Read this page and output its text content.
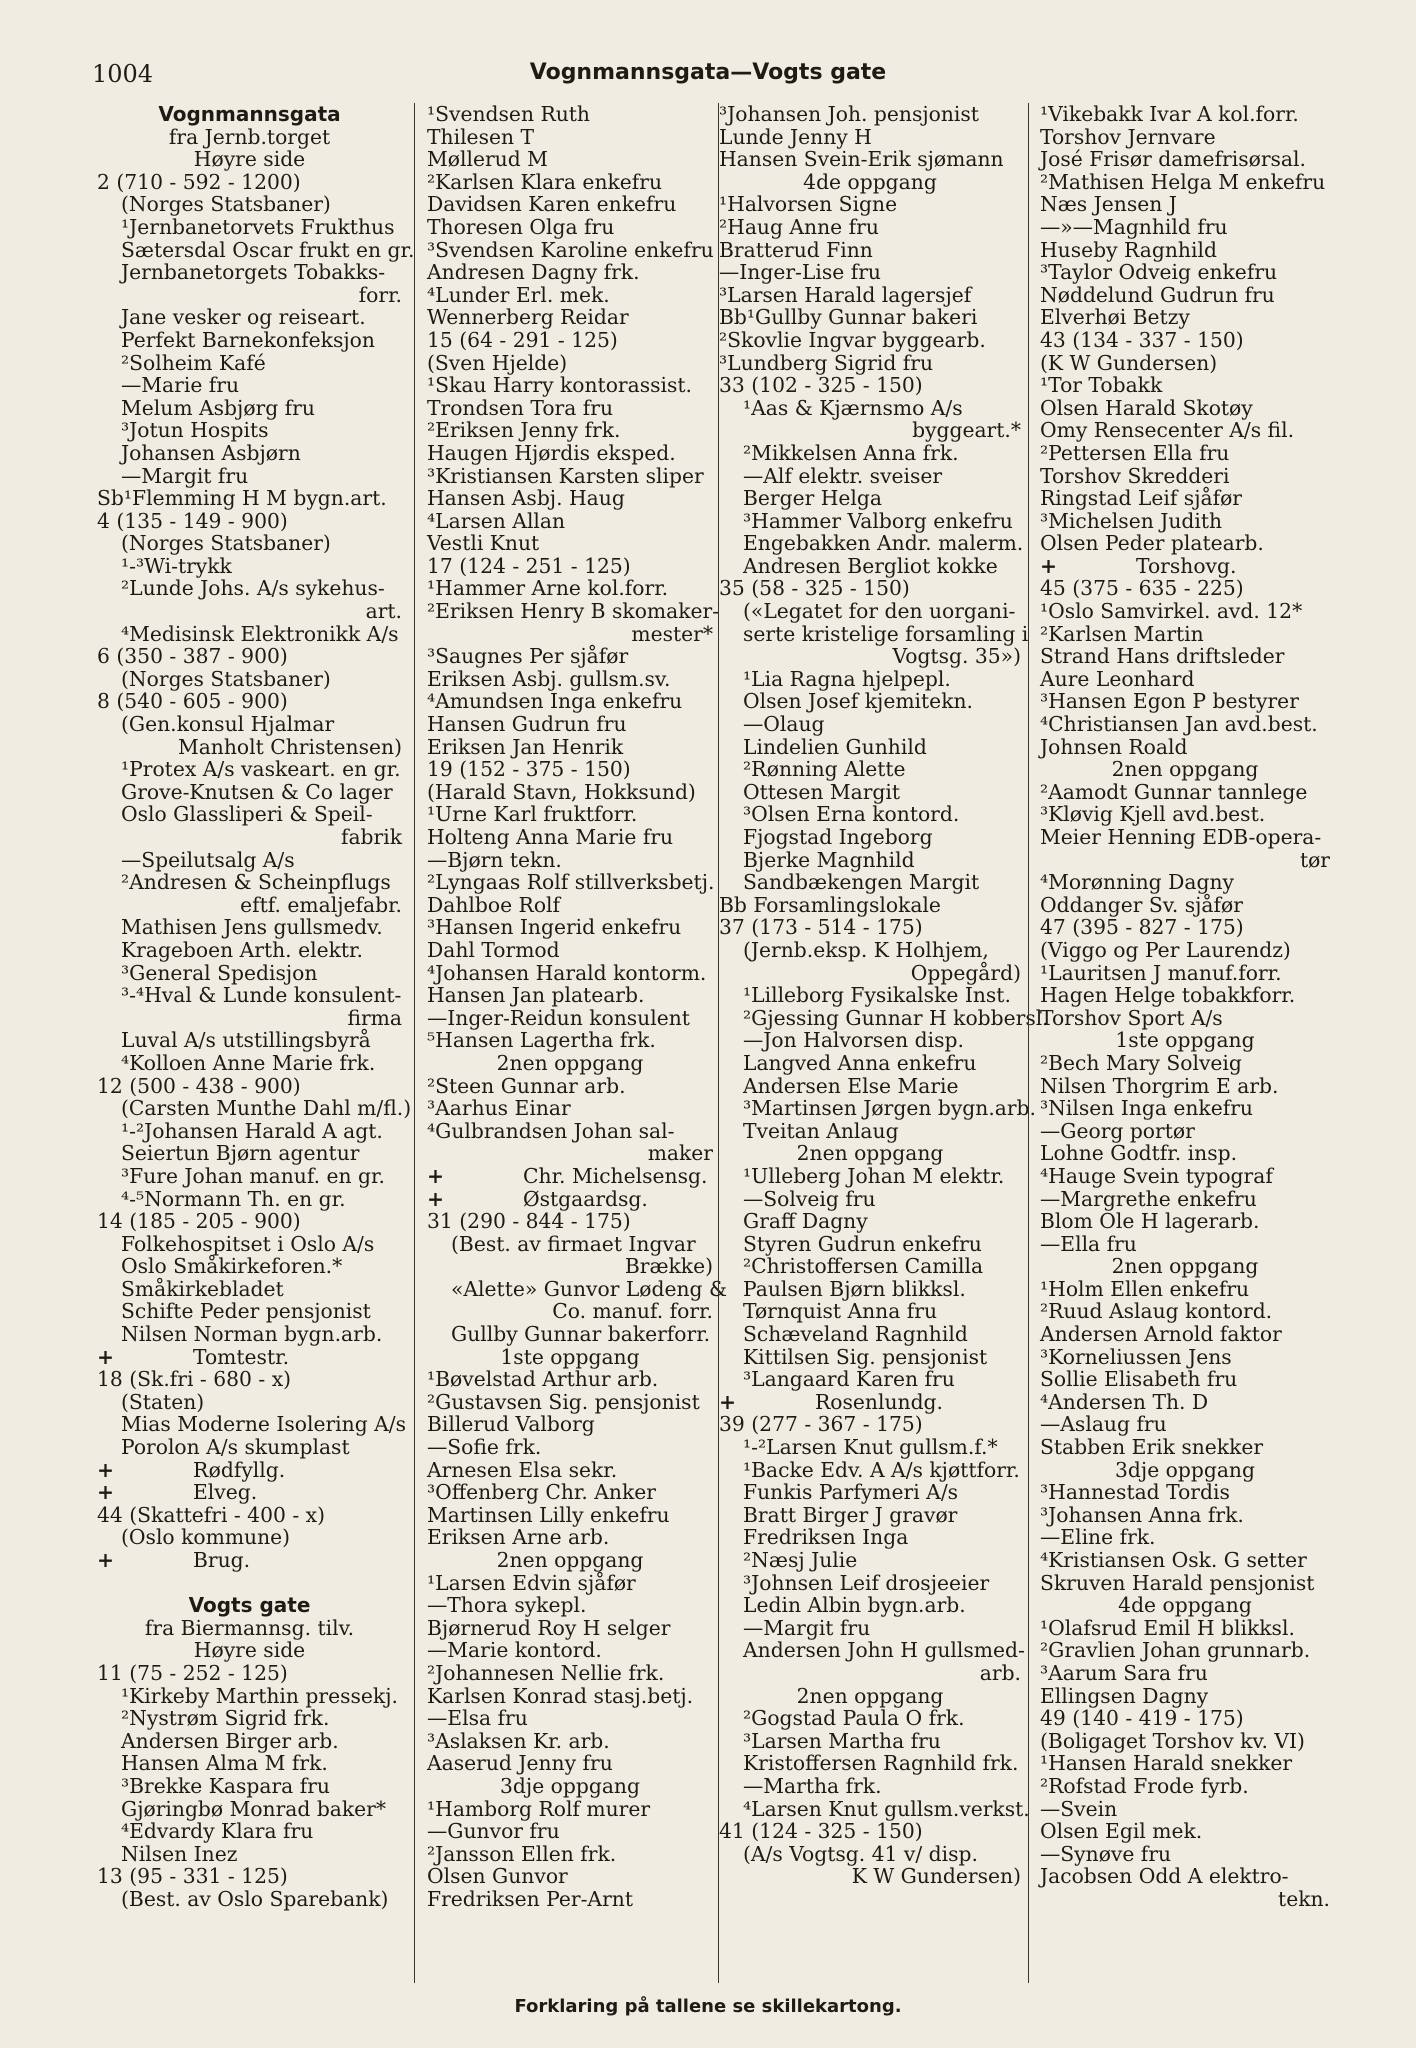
1004	Vognmannsgata—Vogts gate
Vognmannsgata
fra Jernb.torget
Høyre side
2 (710 - 592 - 1200)
(Norges Statsbaner)
¹Jernbanetorvets Frukthus
Sætersdal Oscar frukt en gr.
Jernbanetorgets Tobakks-
forr.
Jane vesker og reiseart.
Perfekt Barnekonfeksjon
²Solheim Kafé
—Marie fru
Melum Asbjørg fru
³Jotun Hospits
Johansen Asbjørn
—Margit fru
Sb¹Flemming H M bygn.art.
4 (135 - 149 - 900)
(Norges Statsbaner)
¹-³Wi-trykk
²Lunde Johs. A/s sykehus-
art.
⁴Medisinsk Elektronikk A/s
6 (350 - 387 - 900)
(Norges Statsbaner)
8 (540 - 605 - 900)
(Gen.konsul Hjalmar
Manholt Christensen)
¹Protex A/s vaskeart. en gr.
Grove-Knutsen & Co lager
Oslo Glassliperi & Speil-
fabrik
—Speilutsalg A/s
²Andresen & Scheinpflugs
eftf. emaljefabr.
Mathisen Jens gullsmedv.
Krageboen Arth. elektr.
³General Spedisjon
³-⁴Hval & Lunde konsulent-
firma
Luval A/s utstillingsbyrå
⁴Kolloen Anne Marie frk.
12 (500 - 438 - 900)
(Carsten Munthe Dahl m/fl.)
¹-²Johansen Harald A agt.
Seiertun Bjørn agentur
³Fure Johan manuf. en gr.
⁴-⁵Normann Th. en gr.
14 (185 - 205 - 900)
Folkehospitset i Oslo A/s
Oslo Småkirkeforen.*
Småkirkebladet
Schifte Peder pensjonist
Nilsen Norman bygn.arb.
+	Tomtestr.
18 (Sk.fri - 680 - x)
(Staten)
Mias Moderne Isolering A/s
Porolon A/s skumplast
+	Rødfyllg.
+	Elveg.
44 (Skattefri - 400 - x)
(Oslo kommune)
+	Brug.
Vogts gate
fra Biermannsg. tilv.
Høyre side
11 (75 - 252 - 125)
¹Kirkeby Marthin pressekj.
²Nystrøm Sigrid frk.
Andersen Birger arb.
Hansen Alma M frk.
³Brekke Kaspara fru
Gjøringbø Monrad baker*
⁴Edvardy Klara fru
Nilsen Inez
13 (95 - 331 - 125)
(Best. av Oslo Sparebank)
¹Svendsen Ruth
Thilesen T
Møllerud M
²Karlsen Klara enkefru
Davidsen Karen enkefru
Thoresen Olga fru
³Svendsen Karoline enkefru
Andresen Dagny frk.
⁴Lunder Erl. mek.
Wennerberg Reidar
15 (64 - 291 - 125)
(Sven Hjelde)
¹Skau Harry kontorassist.
Trondsen Tora fru
²Eriksen Jenny frk.
Haugen Hjørdis eksped.
³Kristiansen Karsten sliper
Hansen Asbj. Haug
⁴Larsen Allan
Vestli Knut
17 (124 - 251 - 125)
¹Hammer Arne kol.forr.
²Eriksen Henry B skomaker-
mester*
³Saugnes Per sjåfør
Eriksen Asbj. gullsm.sv.
⁴Amundsen Inga enkefru
Hansen Gudrun fru
Eriksen Jan Henrik
19 (152 - 375 - 150)
(Harald Stavn, Hokksund)
¹Urne Karl fruktforr.
Holteng Anna Marie fru
—Bjørn tekn.
²Lyngaas Rolf stillverksbetj.
Dahlboe Rolf
³Hansen Ingerid enkefru
Dahl Tormod
⁴Johansen Harald kontorm.
Hansen Jan platearb.
—Inger-Reidun konsulent
⁵Hansen Lagertha frk.
2nen oppgang
²Steen Gunnar arb.
³Aarhus Einar
⁴Gulbrandsen Johan sal-
maker
+	Chr. Michelsensg.
+	Østgaardsg.
31 (290 - 844 - 175)
(Best. av firmaet Ingvar
Brække)
«Alette» Gunvor Lødeng &
Co. manuf. forr.
Gullby Gunnar bakerforr.
1ste oppgang
¹Bøvelstad Arthur arb.
²Gustavsen Sig. pensjonist
Billerud Valborg
—Sofie frk.
Arnesen Elsa sekr.
³Offenberg Chr. Anker
Martinsen Lilly enkefru
Eriksen Arne arb.
2nen oppgang
¹Larsen Edvin sjåfør
—Thora sykepl.
Bjørnerud Roy H selger
—Marie kontord.
²Johannesen Nellie frk.
Karlsen Konrad stasj.betj.
—Elsa fru
³Aslaksen Kr. arb.
Aaserud Jenny fru
3dje oppgang
¹Hamborg Rolf murer
—Gunvor fru
²Jansson Ellen frk.
Olsen Gunvor
Fredriksen Per-Arnt
³Johansen Joh. pensjonist
Lunde Jenny H
Hansen Svein-Erik sjømann
4de oppgang
¹Halvorsen Signe
²Haug Anne fru
Bratterud Finn
—Inger-Lise fru
³Larsen Harald lagersjef
Bb¹Gullby Gunnar bakeri
²Skovlie Ingvar byggearb.
³Lundberg Sigrid fru
33 (102 - 325 - 150)
¹Aas & Kjærnsmo A/s
byggeart.*
²Mikkelsen Anna frk.
—Alf elektr. sveiser
Berger Helga
³Hammer Valborg enkefru
Engebakken Andr. malerm.
Andresen Bergliot kokke
35 (58 - 325 - 150)
(«Legatet for den uorgani-
serte kristelige forsamling i
Vogtsg. 35»)
¹Lia Ragna hjelpepl.
Olsen Josef kjemitekn.
—Olaug
Lindelien Gunhild
²Rønning Alette
Ottesen Margit
³Olsen Erna kontord.
Fjogstad Ingeborg
Bjerke Magnhild
Sandbækengen Margit
Bb Forsamlingslokale
37 (173 - 514 - 175)
(Jernb.eksp. K Holhjem,
Oppegård)
¹Lilleborg Fysikalske Inst.
²Gjessing Gunnar H kobbersl.
—Jon Halvorsen disp.
Langved Anna enkefru
Andersen Else Marie
³Martinsen Jørgen bygn.arb.
Tveitan Anlaug
2nen oppgang
¹Ulleberg Johan M elektr.
—Solveig fru
Graff Dagny
Styren Gudrun enkefru
²Christoffersen Camilla
Paulsen Bjørn blikksl.
Tørnquist Anna fru
Schæveland Ragnhild
Kittilsen Sig. pensjonist
³Langaard Karen fru
+	Rosenlundg.
39 (277 - 367 - 175)
¹-²Larsen Knut gullsm.f.*
¹Backe Edv. A A/s kjøttforr.
Funkis Parfymeri A/s
Bratt Birger J gravør
Fredriksen Inga
²Næsj Julie
³Johnsen Leif drosjeeier
Ledin Albin bygn.arb.
—Margit fru
Andersen John H gullsmed-
arb.
2nen oppgang
²Gogstad Paula O frk.
³Larsen Martha fru
Kristoffersen Ragnhild frk.
—Martha frk.
⁴Larsen Knut gullsm.verkst.
41 (124 - 325 - 150)
(A/s Vogtsg. 41 v/ disp.
K W Gundersen)
¹Vikebakk Ivar A kol.forr.
Torshov Jernvare
José Frisør damefrisørsal.
²Mathisen Helga M enkefru
Næs Jensen J
—»—Magnhild fru
Huseby Ragnhild
³Taylor Odveig enkefru
Nøddelund Gudrun fru
Elverhøi Betzy
43 (134 - 337 - 150)
(K W Gundersen)
¹Tor Tobakk
Olsen Harald Skotøy
Omy Rensecenter A/s fil.
²Pettersen Ella fru
Torshov Skredderi
Ringstad Leif sjåfør
³Michelsen Judith
Olsen Peder platearb.
+	Torshovg.
45 (375 - 635 - 225)
¹Oslo Samvirkel. avd. 12*
²Karlsen Martin
Strand Hans driftsleder
Aure Leonhard
³Hansen Egon P bestyrer
⁴Christiansen Jan avd.best.
Johnsen Roald
2nen oppgang
²Aamodt Gunnar tannlege
³Kløvig Kjell avd.best.
Meier Henning EDB-opera-
tør
⁴Morønning Dagny
Oddanger Sv. sjåfør
47 (395 - 827 - 175)
(Viggo og Per Laurendz)
¹Lauritsen J manuf.forr.
Hagen Helge tobakkforr.
Torshov Sport A/s
1ste oppgang
²Bech Mary Solveig
Nilsen Thorgrim E arb.
³Nilsen Inga enkefru
—Georg portør
Lohne Godtfr. insp.
⁴Hauge Svein typograf
—Margrethe enkefru
Blom Ole H lagerarb.
—Ella fru
2nen oppgang
¹Holm Ellen enkefru
²Ruud Aslaug kontord.
Andersen Arnold faktor
³Korneliussen Jens
Sollie Elisabeth fru
⁴Andersen Th. D
—Aslaug fru
Stabben Erik snekker
3dje oppgang
³Hannestad Tordis
³Johansen Anna frk.
—Eline frk.
⁴Kristiansen Osk. G setter
Skruven Harald pensjonist
4de oppgang
¹Olafsrud Emil H blikksl.
²Gravlien Johan grunnarb.
³Aarum Sara fru
Ellingsen Dagny
49 (140 - 419 - 175)
(Boligaget Torshov kv. VI)
¹Hansen Harald snekker
²Rofstad Frode fyrb.
—Svein
Olsen Egil mek.
—Synøve fru
Jacobsen Odd A elektro-
tekn.
Forklaring på tallene se skillekartong.
